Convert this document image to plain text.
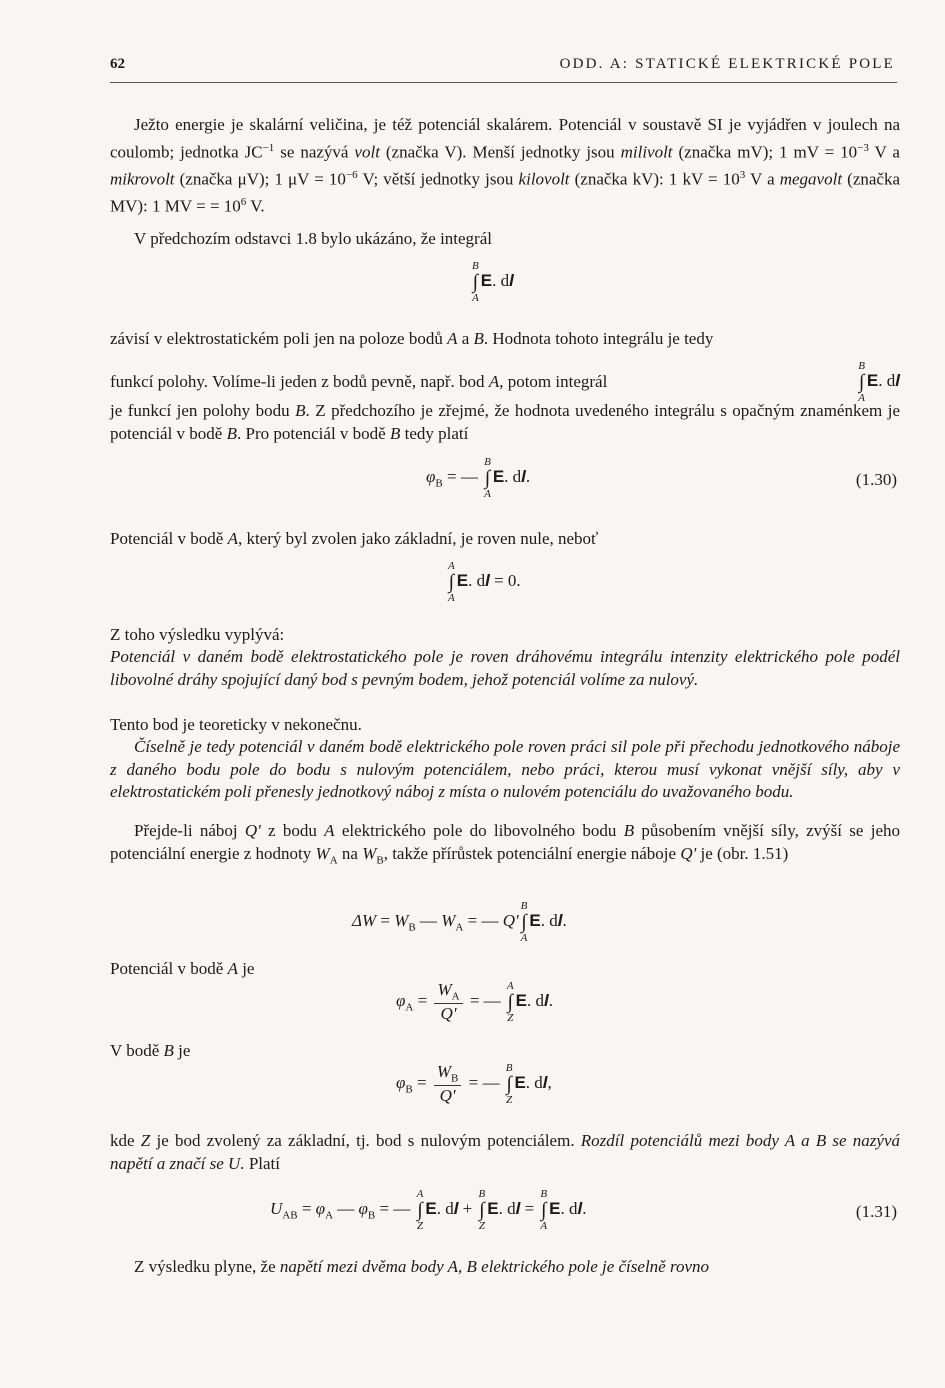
62	ODD. A: STATICKÉ ELEKTRICKÉ POLE
Ježto energie je skalární veličina, je též potenciál skalárem. Potenciál v soustavě SI je vyjádřen v joulech na coulomb; jednotka $JC^{-1}$ se nazývá volt (značka V). Menší jednotky jsou milivolt (značka mV); 1 mV = $10^{-3}$ V a mikrovolt (značka μV); 1 $\mu V = 10^{-6}$ V; větší jednotky jsou kilovolt (značka kV): 1 kV = $10^3$ V a megavolt (značka MV): 1 MV = = $10^6$ V.
V předchozím odstavci 1.8 bylo ukázáno, že integrál
B
∫
A
E. dl
závisí v elektrostatickém poli jen na poloze bodů A a B. Hodnota tohoto integrálu je tedy
funkcí polohy. Volíme-li jeden z bodů pevně, např. bod A, potom integrál
B
∫
A
E. dl
je funkcí jen polohy bodu B. Z předchozího je zřejmé, že hodnota uvedeného integrálu s opačným znaménkem je potenciál v bodě B. Pro potenciál v bodě B tedy platí
$\varphi_B$ = —
B
∫
A
E. dl.	(1.30)
Potenciál v bodě A, který byl zvolen jako základní, je roven nule, neboť
A
∫
A
E. dl = 0.
Z toho výsledku vyplývá:
Potenciál v daném bodě elektrostatického pole je roven dráhovému integrálu intenzity elektrického pole podél libovolné dráhy spojující daný bod s pevným bodem, jehož potenciál volíme za nulový.
Tento bod je teoreticky v nekonečnu.
Číselně je tedy potenciál v daném bodě elektrického pole roven práci sil pole při přechodu jednotkového náboje z daného bodu pole do bodu s nulovým potenciálem, nebo práci, kterou musí vykonat vnější síly, aby v elektrostatickém poli přenesly jednotkový náboj z místa o nulovém potenciálu do uvažovaného bodu.
Přejde-li náboj Q' z bodu A elektrického pole do libovolného bodu B působením vnější síly, zvýší se jeho potenciální energie z hodnoty $W_A$ na $W_B$, takže přírůstek potenciální energie náboje Q' je (obr. 1.51)
$\Delta W = W_B$ — $W_A$ = — Q'
B
∫
A
E. dl.
Potenciál v bodě A je
$\varphi_A = \frac{W_A}{Q'}$ = —
A
∫
Z
E. dl.
V bodě B je
$\varphi_B = \frac{W_B}{Q'}$ = —
B
∫
Z
E. dl,
kde Z je bod zvolený za základní, tj. bod s nulovým potenciálem. Rozdíl potenciálů mezi body A a B se nazývá napětí a značí se U. Platí
$U_{AB} = \varphi_A$ — $\varphi_B$ = —
A
∫
Z
E. dl +
B
∫
Z
E. dl =
B
∫
A
E. dl.	(1.31)
Z výsledku plyne, že napětí mezi dvěma body A, B elektrického pole je číselně rovno
